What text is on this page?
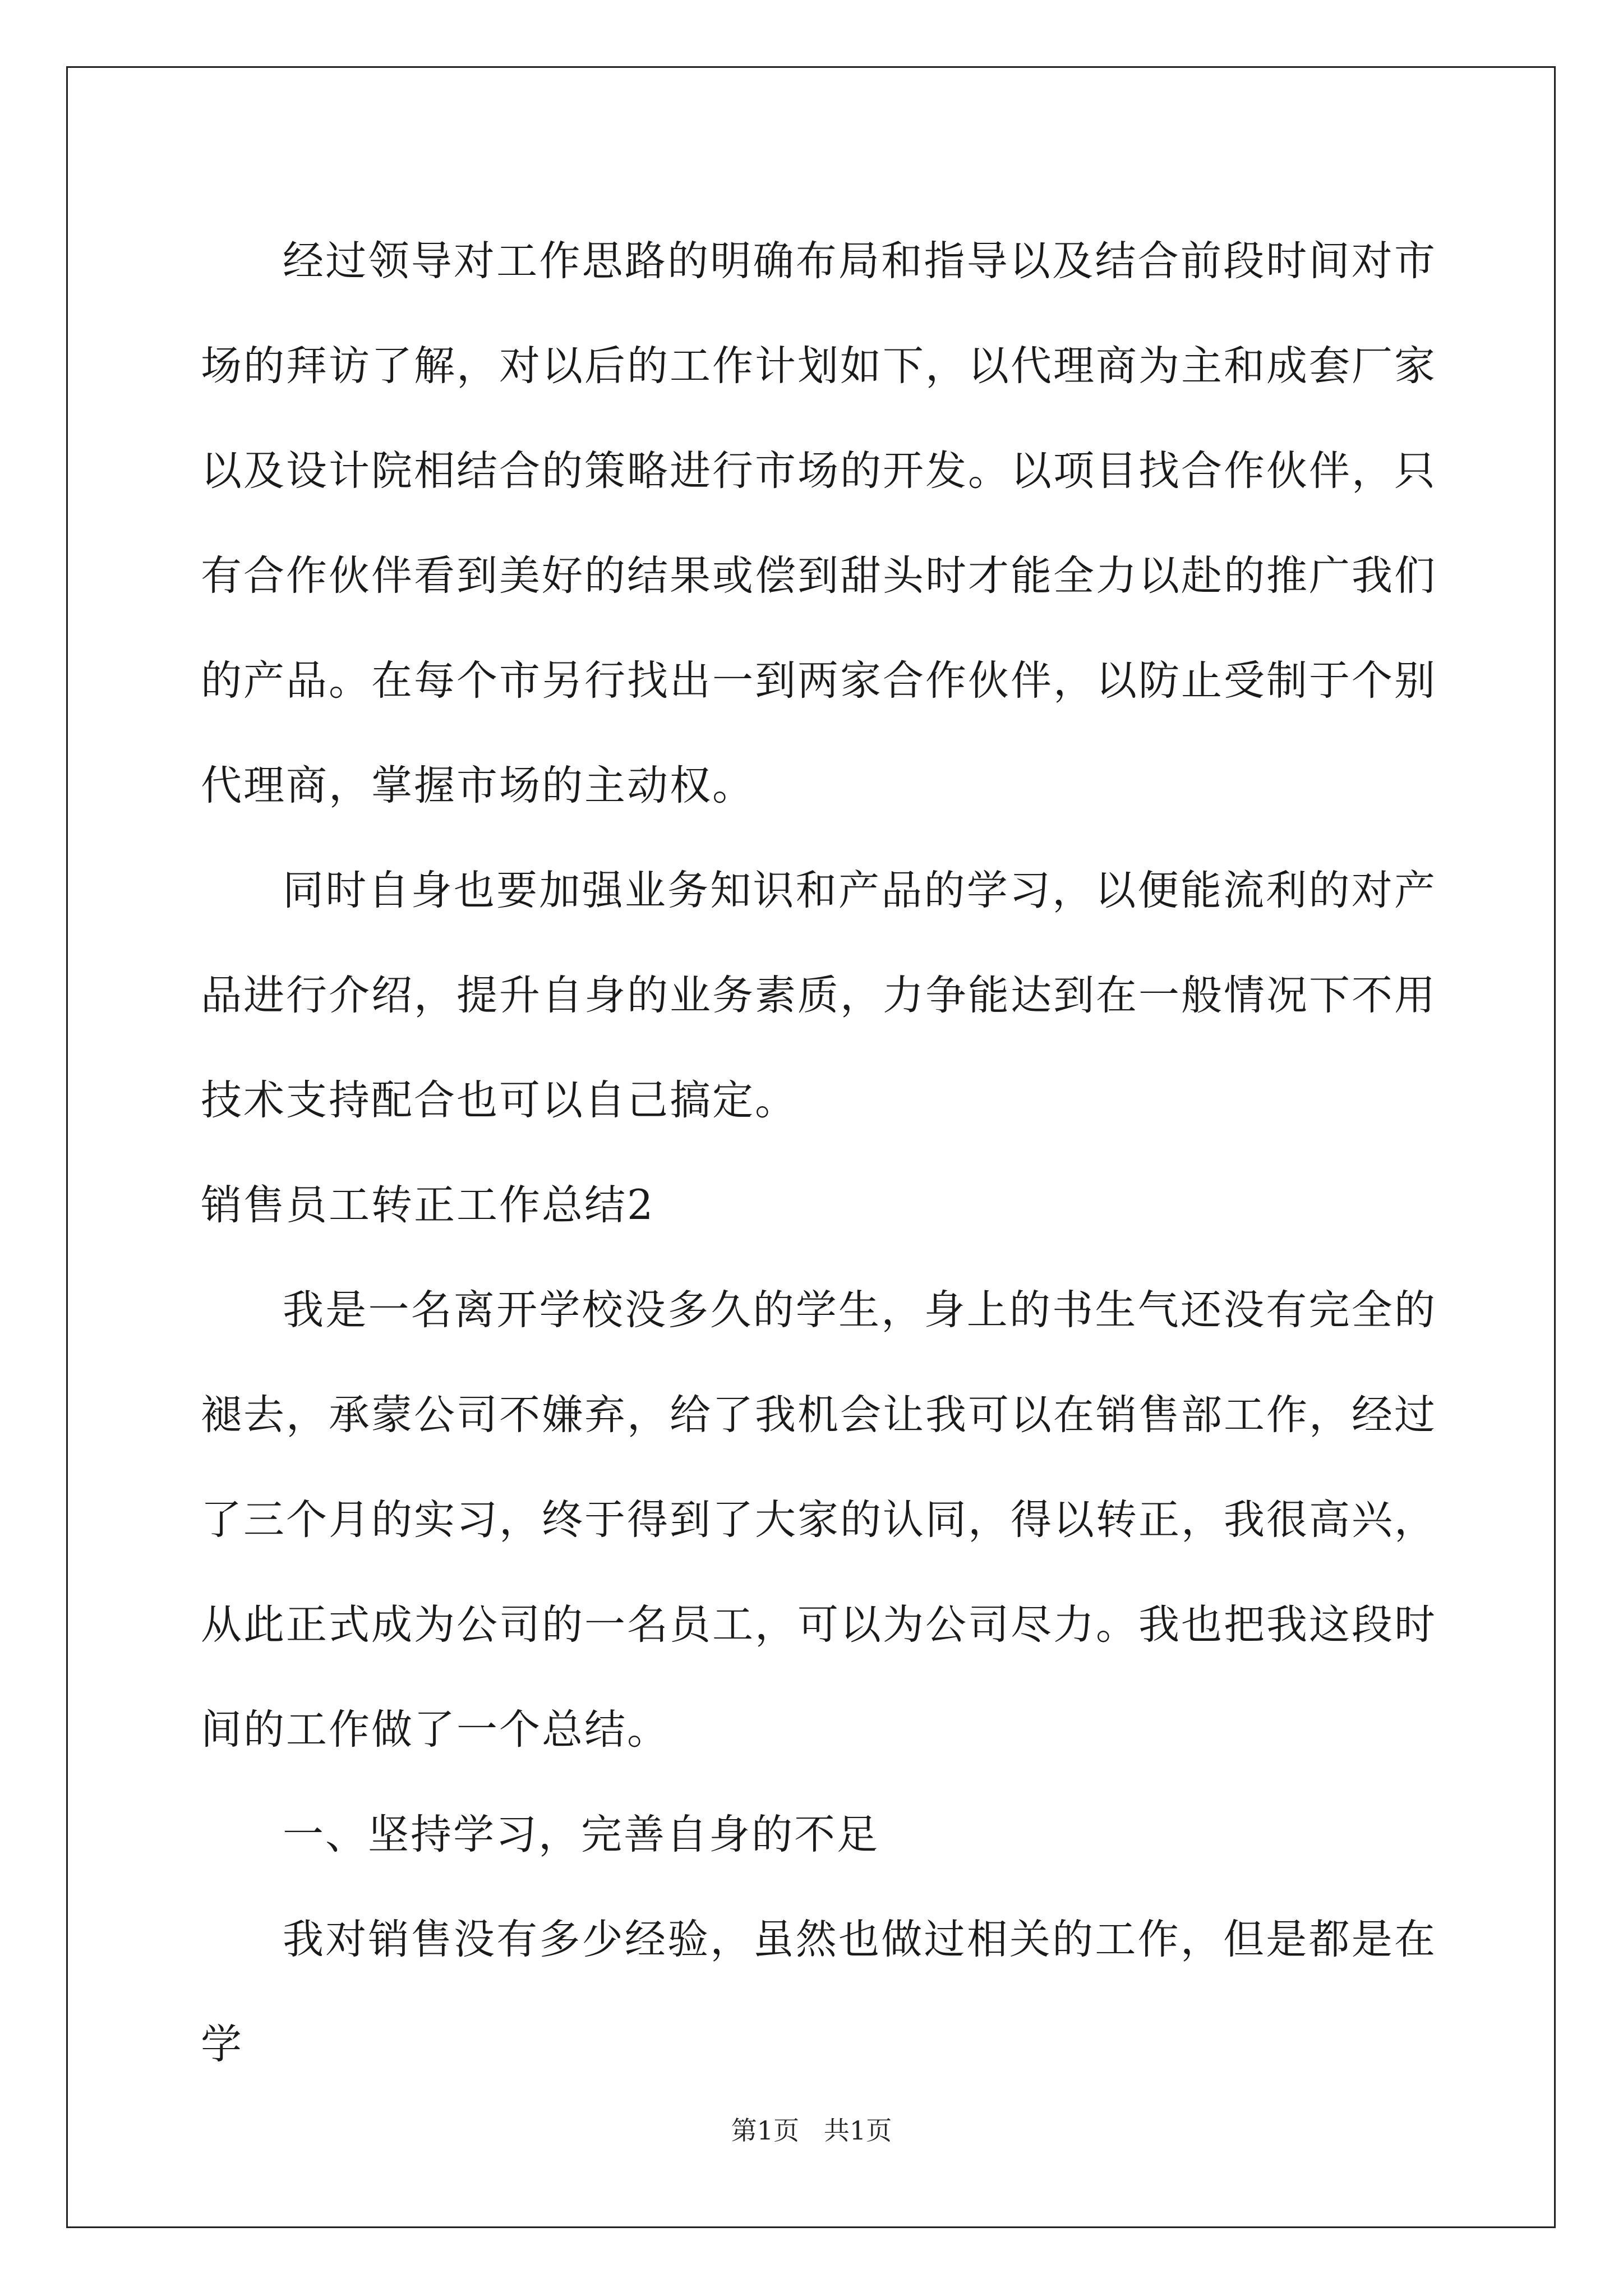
经过领导对工作思路的明确布局和指导以及结合前段时间对市场的拜访了解，对以后的工作计划如下，以代理商为主和成套厂家以及设计院相结合的策略进行市场的开发。以项目找合作伙伴，只有合作伙伴看到美好的结果或偿到甜头时才能全力以赴的推广我们的产品。在每个市另行找出一到两家合作伙伴，以防止受制于个别代理商，掌握市场的主动权。

同时自身也要加强业务知识和产品的学习，以便能流利的对产品进行介绍，提升自身的业务素质，力争能达到在一般情况下不用技术支持配合也可以自己搞定。

销售员工转正工作总结2

我是一名离开学校没多久的学生，身上的书生气还没有完全的褪去，承蒙公司不嫌弃，给了我机会让我可以在销售部工作，经过了三个月的实习，终于得到了大家的认同，得以转正，我很高兴，从此正式成为公司的一名员工，可以为公司尽力。我也把我这段时间的工作做了一个总结。

一、坚持学习，完善自身的不足

我对销售没有多少经验，虽然也做过相关的工作，但是都是在学

第1页   共1页
